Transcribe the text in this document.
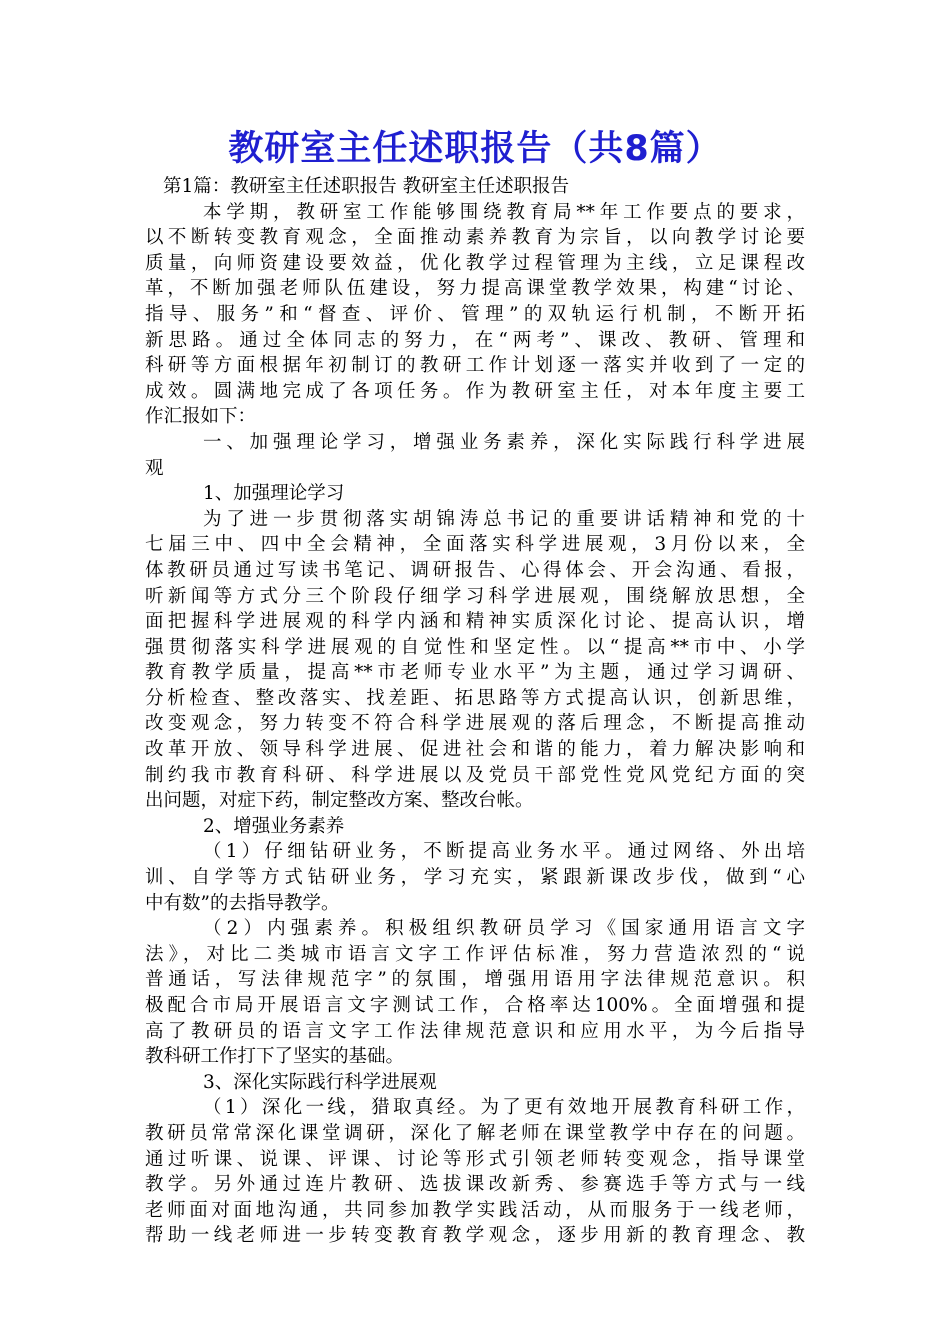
教研室主任述职报告（共8篇）
第1篇：教研室主任述职报告 教研室主任述职报告
本学期，教研室工作能够围绕教育局**年工作要点的要求，
以不断转变教育观念，全面推动素养教育为宗旨，以向教学讨论要
质量，向师资建设要效益，优化教学过程管理为主线，立足课程改
革，不断加强老师队伍建设，努力提高课堂教学效果，构建“讨论、
指导、服务”和“督查、评价、管理”的双轨运行机制，不断开拓
新思路。通过全体同志的努力，在“两考”、课改、教研、管理和
科研等方面根据年初制订的教研工作计划逐一落实并收到了一定的
成效。圆满地完成了各项任务。作为教研室主任，对本年度主要工
作汇报如下：
一、加强理论学习，增强业务素养，深化实际践行科学进展
观
1、加强理论学习
为了进一步贯彻落实胡锦涛总书记的重要讲话精神和党的十
七届三中、四中全会精神，全面落实科学进展观，3月份以来，全
体教研员通过写读书笔记、调研报告、心得体会、开会沟通、看报，
听新闻等方式分三个阶段仔细学习科学进展观，围绕解放思想，全
面把握科学进展观的科学内涵和精神实质深化讨论、提高认识，增
强贯彻落实科学进展观的自觉性和坚定性。以“提高**市中、小学
教育教学质量，提高**市老师专业水平”为主题，通过学习调研、
分析检查、整改落实、找差距、拓思路等方式提高认识，创新思维，
改变观念，努力转变不符合科学进展观的落后理念，不断提高推动
改革开放、领导科学进展、促进社会和谐的能力，着力解决影响和
制约我市教育科研、科学进展以及党员干部党性党风党纪方面的突
出问题，对症下药，制定整改方案、整改台帐。
2、增强业务素养
（1）仔细钻研业务，不断提高业务水平。通过网络、外出培
训、自学等方式钻研业务，学习充实，紧跟新课改步伐，做到“心
中有数”的去指导教学。
（2）内强素养。积极组织教研员学习《国家通用语言文字
法》，对比二类城市语言文字工作评估标准，努力营造浓烈的“说
普通话，写法律规范字”的氛围，增强用语用字法律规范意识。积
极配合市局开展语言文字测试工作，合格率达100%。全面增强和提
高了教研员的语言文字工作法律规范意识和应用水平，为今后指导
教科研工作打下了坚实的基础。
3、深化实际践行科学进展观
（1）深化一线，猎取真经。为了更有效地开展教育科研工作，
教研员常常深化课堂调研，深化了解老师在课堂教学中存在的问题。
通过听课、说课、评课、讨论等形式引领老师转变观念，指导课堂
教学。另外通过连片教研、选拔课改新秀、参赛选手等方式与一线
老师面对面地沟通，共同参加教学实践活动，从而服务于一线老师，
帮助一线老师进一步转变教育教学观念，逐步用新的教育理念、教
